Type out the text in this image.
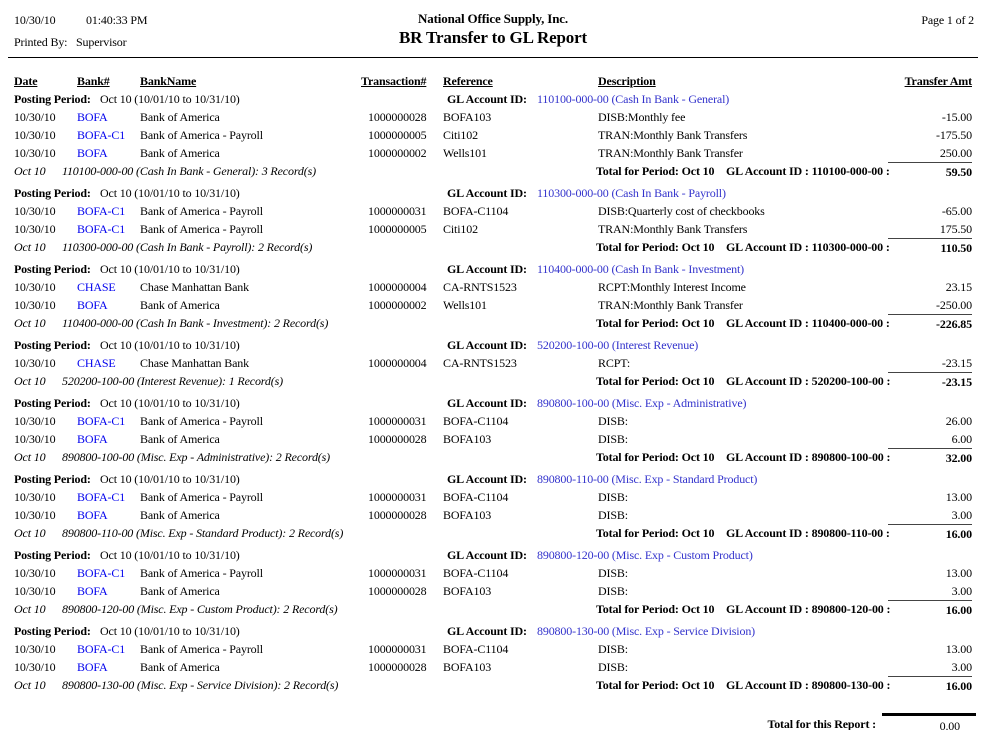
10/30/10	01:40:33 PM
Printed By: Supervisor
National Office Supply, Inc.
BR Transfer to GL Report
Page 1 of 2
Date	Bank#	BankName	Transaction# Reference	Description	Transfer Amt
Posting Period: Oct 10 (10/01/10 to 10/31/10)	GL Account ID: 110100-000-00 (Cash In Bank - General)
10/30/10 BOFA	Bank of America	1000000028 BOFA103	DISB:Monthly fee	-15.00
10/30/10 BOFA-C1 Bank of America - Payroll	1000000005 Citi102	TRAN:Monthly Bank Transfers	-175.50
10/30/10 BOFA	Bank of America	1000000002 Wells101	TRAN:Monthly Bank Transfer	250.00
Oct 10 110100-000-00 (Cash In Bank - General): 3 Record(s)	Total for Period: Oct 10 GL Account ID : 110100-000-00 :	59.50
Posting Period: Oct 10 (10/01/10 to 10/31/10)	GL Account ID: 110300-000-00 (Cash In Bank - Payroll)
10/30/10 BOFA-C1 Bank of America - Payroll	1000000031 BOFA-C1104	DISB:Quarterly cost of checkbooks	-65.00
10/30/10 BOFA-C1 Bank of America - Payroll	1000000005 Citi102	TRAN:Monthly Bank Transfers	175.50
Oct 10 110300-000-00 (Cash In Bank - Payroll): 2 Record(s)	Total for Period: Oct 10 GL Account ID : 110300-000-00 :	110.50
Posting Period: Oct 10 (10/01/10 to 10/31/10)	GL Account ID: 110400-000-00 (Cash In Bank - Investment)
10/30/10 CHASE Chase Manhattan Bank	1000000004 CA-RNTS1523	RCPT:Monthly Interest Income	23.15
10/30/10 BOFA	Bank of America	1000000002 Wells101	TRAN:Monthly Bank Transfer	-250.00
Oct 10 110400-000-00 (Cash In Bank - Investment): 2 Record(s)	Total for Period: Oct 10 GL Account ID : 110400-000-00 :	-226.85
Posting Period: Oct 10 (10/01/10 to 10/31/10)	GL Account ID: 520200-100-00 (Interest Revenue)
10/30/10 CHASE Chase Manhattan Bank	1000000004 CA-RNTS1523	RCPT:	-23.15
Oct 10 520200-100-00 (Interest Revenue): 1 Record(s)	Total for Period: Oct 10 GL Account ID : 520200-100-00 :	-23.15
Posting Period: Oct 10 (10/01/10 to 10/31/10)	GL Account ID: 890800-100-00 (Misc. Exp - Administrative)
10/30/10 BOFA-C1 Bank of America - Payroll	1000000031 BOFA-C1104	DISB:	26.00
10/30/10 BOFA	Bank of America	1000000028 BOFA103	DISB:	6.00
Oct 10 890800-100-00 (Misc. Exp - Administrative): 2 Record(s)	Total for Period: Oct 10 GL Account ID : 890800-100-00 :	32.00
Posting Period: Oct 10 (10/01/10 to 10/31/10)	GL Account ID: 890800-110-00 (Misc. Exp - Standard Product)
10/30/10 BOFA-C1 Bank of America - Payroll	1000000031 BOFA-C1104	DISB:	13.00
10/30/10 BOFA	Bank of America	1000000028 BOFA103	DISB:	3.00
Oct 10 890800-110-00 (Misc. Exp - Standard Product): 2 Record(s)	Total for Period: Oct 10 GL Account ID : 890800-110-00 :	16.00
Posting Period: Oct 10 (10/01/10 to 10/31/10)	GL Account ID: 890800-120-00 (Misc. Exp - Custom Product)
10/30/10 BOFA-C1 Bank of America - Payroll	1000000031 BOFA-C1104	DISB:	13.00
10/30/10 BOFA	Bank of America	1000000028 BOFA103	DISB:	3.00
Oct 10 890800-120-00 (Misc. Exp - Custom Product): 2 Record(s)	Total for Period: Oct 10 GL Account ID : 890800-120-00 :	16.00
Posting Period: Oct 10 (10/01/10 to 10/31/10)	GL Account ID: 890800-130-00 (Misc. Exp - Service Division)
10/30/10 BOFA-C1 Bank of America - Payroll	1000000031 BOFA-C1104	DISB:	13.00
10/30/10 BOFA	Bank of America	1000000028 BOFA103	DISB:	3.00
Oct 10 890800-130-00 (Misc. Exp - Service Division): 2 Record(s)	Total for Period: Oct 10 GL Account ID : 890800-130-00 :	16.00
Total for this Report :	0.00
